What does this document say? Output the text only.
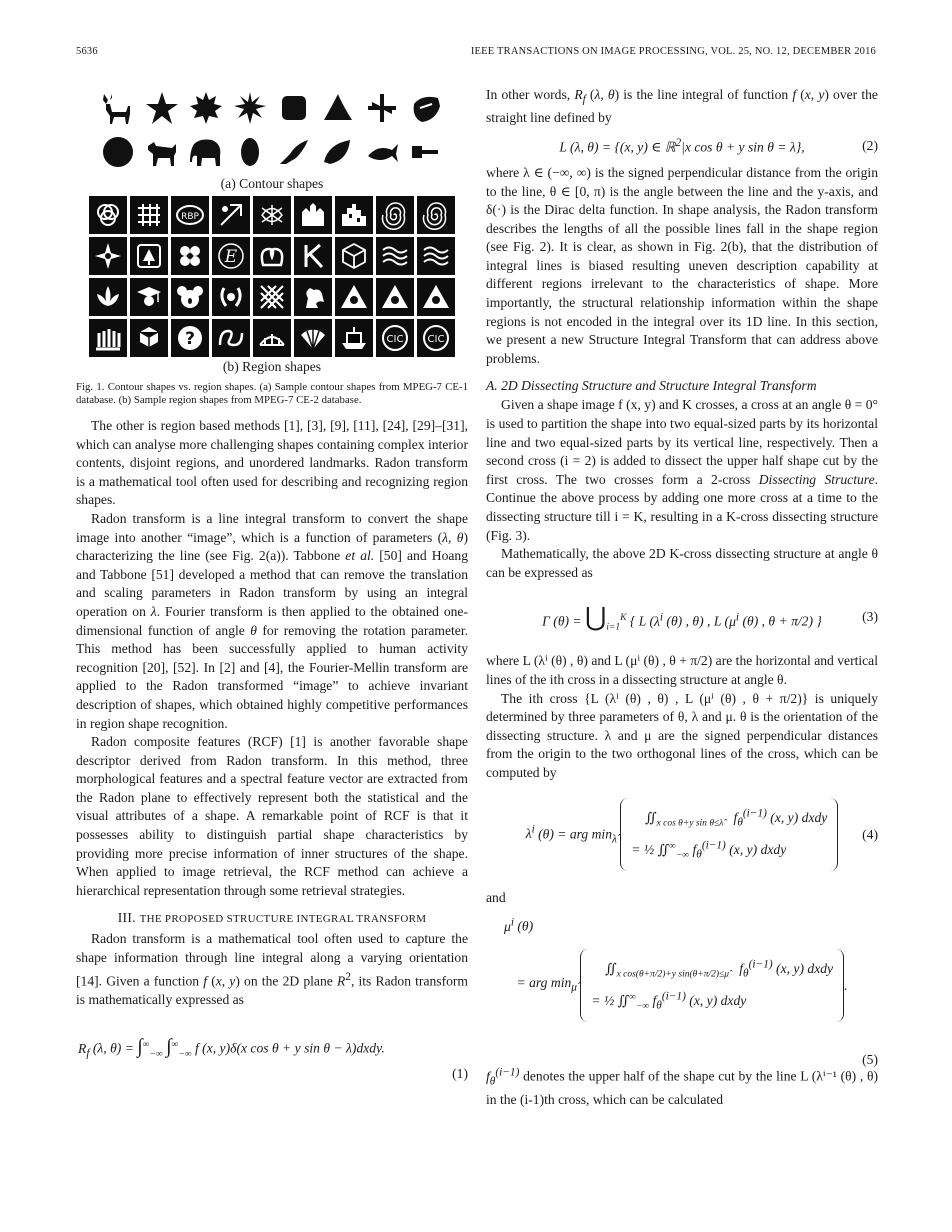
5636	IEEE TRANSACTIONS ON IMAGE PROCESSING, VOL. 25, NO. 12, DECEMBER 2016
(a) Contour shapes
RBP
E
?	CIC CIC
(b) Region shapes
Fig. 1. Contour shapes vs. region shapes. (a) Sample contour shapes from MPEG-7 CE-1 database. (b) Sample region shapes from MPEG-7 CE-2 database.

The other is region based methods [1], [3], [9], [11], [24], [29]–[31], which can analyse more challenging shapes containing complex interior contents, disjoint regions, and unordered landmarks. Radon transform is a mathematical tool often used for describing and recognizing region shapes.

Radon transform is a line integral transform to convert the shape image into another “image”, which is a function of parameters (λ, θ) characterizing the line (see Fig. 2(a)). Tabbone et al. [50] and Hoang and Tabbone [51] developed a method that can remove the translation and scaling parameters in Radon transform by using an integral operation on λ. Fourier transform is then applied to the obtained one-dimensional function of angle θ for removing the rotation parameter. This method has been successfully applied to human activity recognition [20], [52]. In [2] and [4], the Fourier-Mellin transform are applied to the Radon transformed “image” to achieve invariant description of shapes, which obtained highly competitive performances in region shape recognition.

Radon composite features (RCF) [1] is another favorable shape descriptor derived from Radon transform. In this method, three morphological features and a spectral feature vector are extracted from the Radon plane to effectively represent both the statistical and the visual attributes of a shape. A remarkable point of RCF is that it possesses ability to distinguish partial shape characteristics by providing more precise information of inner structures of the shape. When applied to image retrieval, the RCF method can achieve a hierarchical representation through some retrieval strategies.

III. THE PROPOSED STRUCTURE INTEGRAL TRANSFORM

Radon transform is a mathematical tool often used to capture the shape information through line integral along a varying orientation [14]. Given a function f (x, y) on the 2D plane $R^2$, its Radon transform is mathematically expressed as

$R_f$ (λ, $\theta) = \int^\infty_{-\infty}$ $\int^\infty_{-\infty}$ f (x, y)δ(x cos θ + y sin θ − λ)dxdy.
(1)

In other words, $R_f$ (λ, θ) is the line integral of function f (x, y) over the straight line defined by

L (λ, θ) = {(x, y) ∈ ℝ$^2$|x cos θ + y sin θ = λ},	(2)

where λ ∈ (−∞, ∞) is the signed perpendicular distance from the origin to the line, θ ∈ [0, π) is the angle between the line and the y-axis, and δ(·) is the Dirac delta function. In shape analysis, the Radon transform describes the lengths of all the possible lines fall in the shape region (see Fig. 2). It is clear, as shown in Fig. 2(b), that the distribution of integral lines is biased resulting uneven description capability at different regions irrelevant to the characteristics of shape. More importantly, the structural relationship information within the shape regions is not encoded in the integral over its 1D line. In this section, we present a new Structure Integral Transform that can address above problems.

A. 2D Dissecting Structure and Structure Integral Transform

Given a shape image f (x, y) and K crosses, a cross at an angle θ = 0° is used to partition the shape into two equal-sized parts by its horizontal line and two equal-sized parts by its vertical line, respectively. Then a second cross (i = 2) is added to dissect the upper half shape cut by the first cross. The two crosses form a 2-cross Dissecting Structure. Continue the above process by adding one more cross at a time to the dissecting structure till i = K, resulting in a K-cross dissecting structure (Fig. 3).

Mathematically, the above 2D K-cross dissecting structure at angle θ can be expressed as

Γ $(\theta) = ⋃_{i=1}^K$ { L ($\lambda^i$ (θ) , θ) , L ($\mu^i$ (θ) , θ + π/2) }	(3)

where L (λⁱ (θ) , θ) and L (μⁱ (θ) , θ + π/2) are the horizontal and vertical lines of the ith cross in a dissecting structure at angle θ.

The ith cross {L (λⁱ (θ) , θ) , L (μⁱ (θ) , θ + π/2)} is uniquely determined by three parameters of θ, λ and μ. θ is the orientation of the dissecting structure. λ and μ are the signed perpendicular distances from the origin to the two orthogonal lines of the cross, which can be computed by

$\lambda^i$ (θ) = arg $\min_{\lambdâ}$
$∬_{x cos \theta+y sin \theta\le\lambdâ}$ $f_\theta^{(i-1)}$ (x, y) dxdy
= ½ $∬^\infty_{-\infty}$ $f_\theta^{(i-1)}$ (x, y) dxdy
(4)

and

$\mu^i$ (θ)
= arg $\min_{\mû}$
$∬_{x cos(\theta+\pi/2)+y sin(\theta+\pi/2)\le\mû}$ $f_\theta^{(i-1)}$ (x, y) dxdy
= ½ $∬^\infty_{-\infty}$ $f_\theta^{(i-1)}$ (x, y) dxdy
.
(5)

$f_\theta^{(i-1)}$ denotes the upper half of the shape cut by the line L (λⁱ⁻¹ (θ) , θ) in the (i-1)th cross, which can be calculated
